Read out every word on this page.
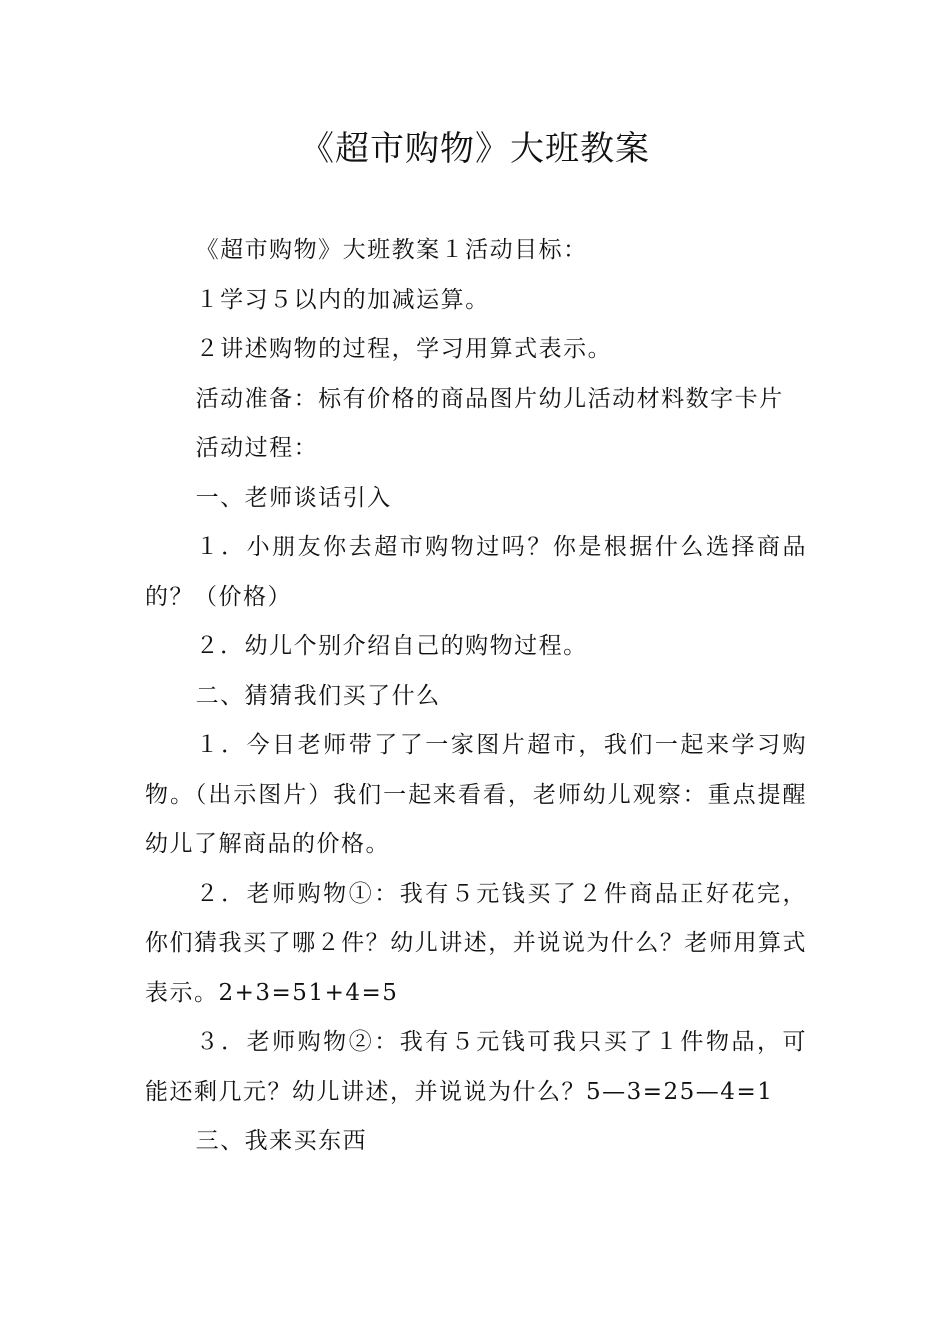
《超市购物》大班教案

《超市购物》大班教案１活动目标：

１学习５以内的加减运算。

２讲述购物的过程，学习用算式表示。

活动准备：标有价格的商品图片幼儿活动材料数字卡片

活动过程：

一、老师谈话引入

１．小朋友你去超市购物过吗？你是根据什么选择商品的？（价格）

２．幼儿个别介绍自己的购物过程。

二、猜猜我们买了什么

１．今日老师带了了一家图片超市，我们一起来学习购物。（出示图片）我们一起来看看，老师幼儿观察：重点提醒幼儿了解商品的价格。

２．老师购物①：我有５元钱买了２件商品正好花完，你们猜我买了哪２件？幼儿讲述，并说说为什么？老师用算式表示。2+3=51+4=5

３．老师购物②：我有５元钱可我只买了１件物品，可能还剩几元？幼儿讲述，并说说为什么？5—3=25—4=1

三、我来买东西
